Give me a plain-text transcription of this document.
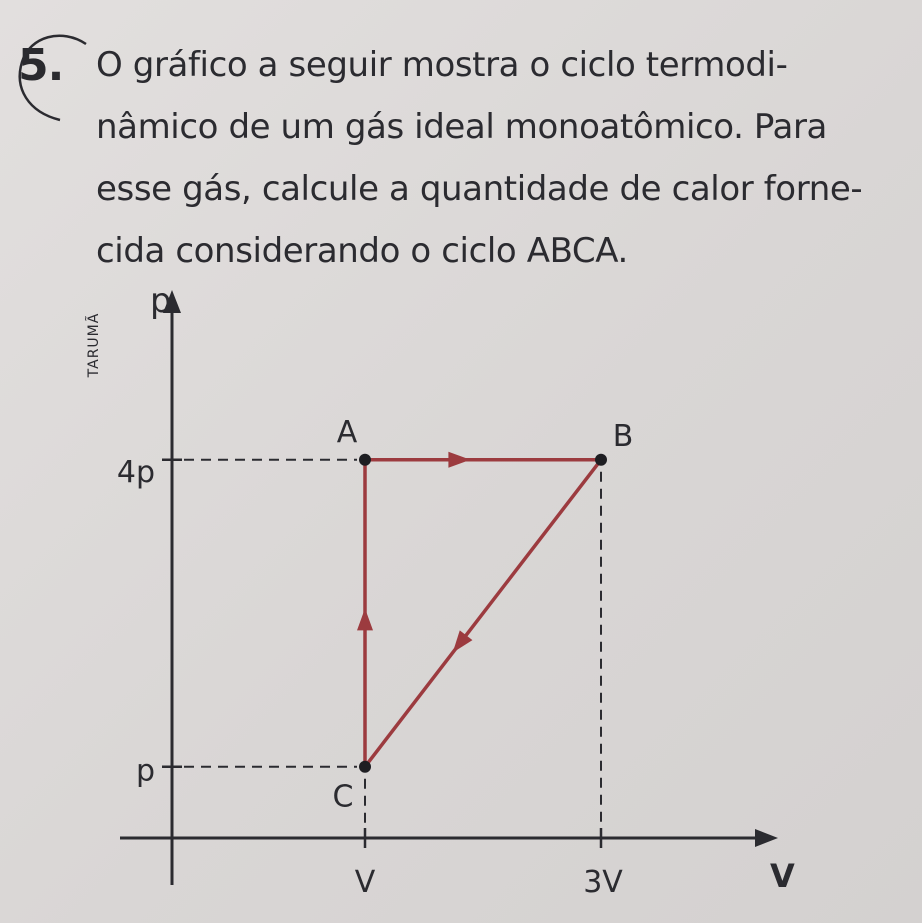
5. O gráfico a seguir mostra o ciclo termodi-
nâmico de um gás ideal monoatômico. Para
esse gás, calcule a quantidade de calor forne-
cida considerando o ciclo ABCA.
TARUMÃ
p
V
4p
p
V	3V
A	B
C
